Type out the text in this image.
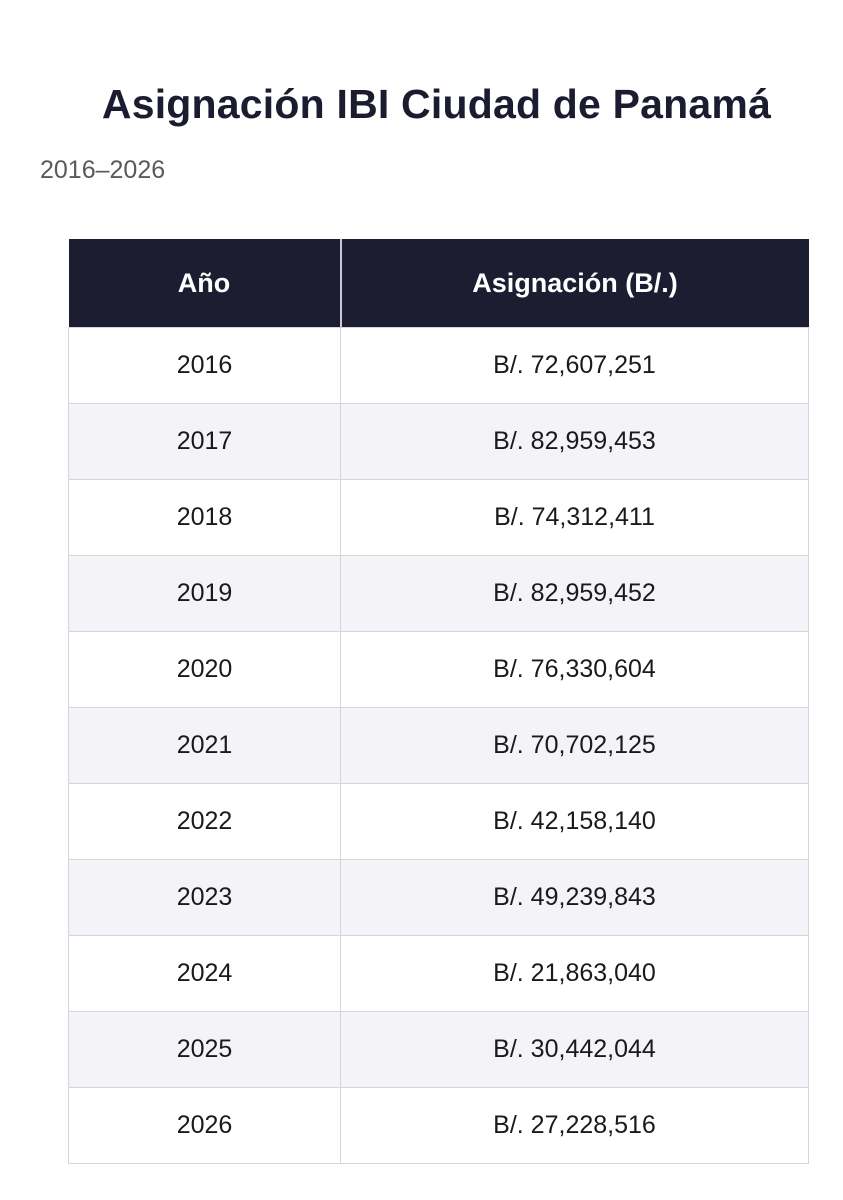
Asignación IBI Ciudad de Panamá

2016–2026

Año	Asignación (B/.)
2016	B/. 72,607,251
2017	B/. 82,959,453
2018	B/. 74,312,411
2019	B/. 82,959,452
2020	B/. 76,330,604
2021	B/. 70,702,125
2022	B/. 42,158,140
2023	B/. 49,239,843
2024	B/. 21,863,040
2025	B/. 30,442,044
2026	B/. 27,228,516
